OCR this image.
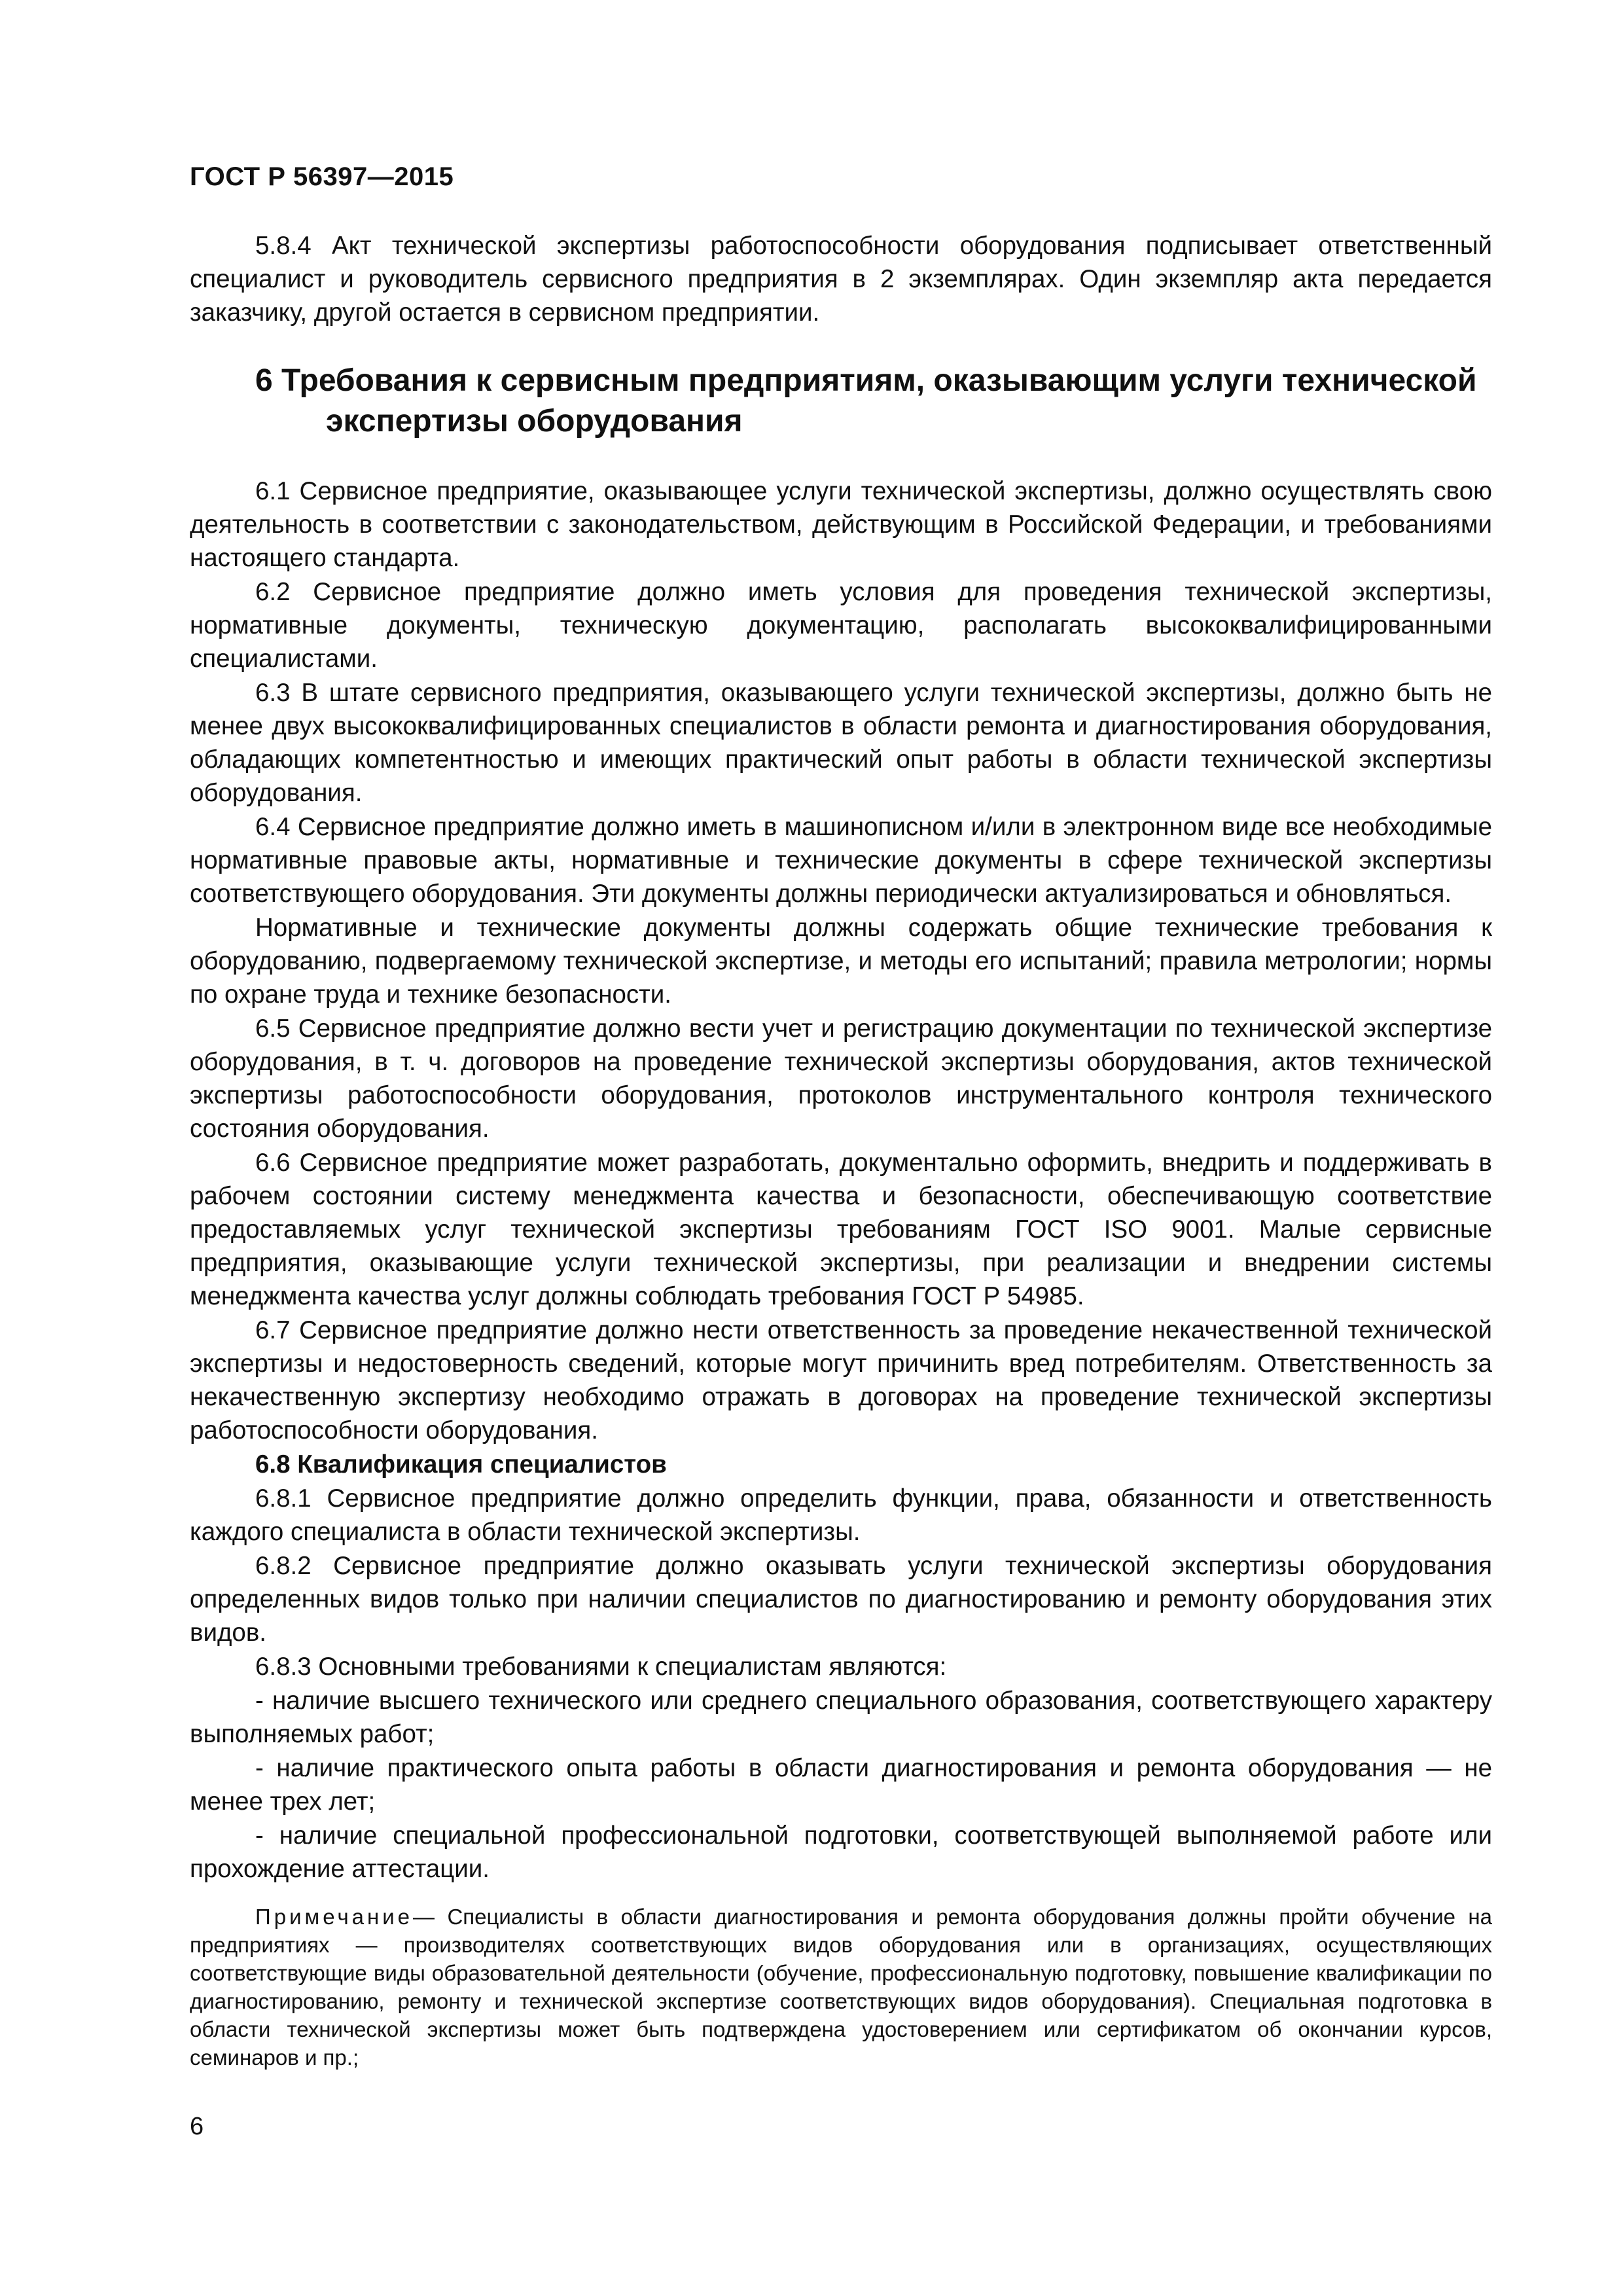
ГОСТ Р 56397—2015

5.8.4 Акт технической экспертизы работоспособности оборудования подписывает ответственный специалист и руководитель сервисного предприятия в 2 экземплярах. Один экземпляр акта передается заказчику, другой остается в сервисном предприятии.

6 Требования к сервисным предприятиям, оказывающим услуги технической экспертизы оборудования

6.1 Сервисное предприятие, оказывающее услуги технической экспертизы, должно осуществлять свою деятельность в соответствии с законодательством, действующим в Российской Федерации, и требованиями настоящего стандарта.

6.2 Сервисное предприятие должно иметь условия для проведения технической экспертизы, нормативные документы, техническую документацию, располагать высококвалифицированными специалистами.

6.3 В штате сервисного предприятия, оказывающего услуги технической экспертизы, должно быть не менее двух высококвалифицированных специалистов в области ремонта и диагностирования оборудования, обладающих компетентностью и имеющих практический опыт работы в области технической экспертизы оборудования.

6.4 Сервисное предприятие должно иметь в машинописном и/или в электронном виде все необходимые нормативные правовые акты, нормативные и технические документы в сфере технической экспертизы соответствующего оборудования. Эти документы должны периодически актуализироваться и обновляться.

Нормативные и технические документы должны содержать общие технические требования к оборудованию, подвергаемому технической экспертизе, и методы его испытаний; правила метрологии; нормы по охране труда и технике безопасности.

6.5 Сервисное предприятие должно вести учет и регистрацию документации по технической экспертизе оборудования, в т. ч. договоров на проведение технической экспертизы оборудования, актов технической экспертизы работоспособности оборудования, протоколов инструментального контроля технического состояния оборудования.

6.6 Сервисное предприятие может разработать, документально оформить, внедрить и поддерживать в рабочем состоянии систему менеджмента качества и безопасности, обеспечивающую соответствие предоставляемых услуг технической экспертизы требованиям ГОСТ ISO 9001. Малые сервисные предприятия, оказывающие услуги технической экспертизы, при реализации и внедрении системы менеджмента качества услуг должны соблюдать требования ГОСТ Р 54985.

6.7 Сервисное предприятие должно нести ответственность за проведение некачественной технической экспертизы и недостоверность сведений, которые могут причинить вред потребителям. Ответственность за некачественную экспертизу необходимо отражать в договорах на проведение технической экспертизы работоспособности оборудования.

6.8 Квалификация специалистов

6.8.1 Сервисное предприятие должно определить функции, права, обязанности и ответственность каждого специалиста в области технической экспертизы.

6.8.2 Сервисное предприятие должно оказывать услуги технической экспертизы оборудования определенных видов только при наличии специалистов по диагностированию и ремонту оборудования этих видов.

6.8.3 Основными требованиями к специалистам являются:

- наличие высшего технического или среднего специального образования, соответствующего характеру выполняемых работ;

- наличие практического опыта работы в области диагностирования и ремонта оборудования — не менее трех лет;

- наличие специальной профессиональной подготовки, соответствующей выполняемой работе или прохождение аттестации.

Примечание— Специалисты в области диагностирования и ремонта оборудования должны пройти обучение на предприятиях — производителях соответствующих видов оборудования или в организациях, осуществляющих соответствующие виды образовательной деятельности (обучение, профессиональную подготовку, повышение квалификации по диагностированию, ремонту и технической экспертизе соответствующих видов оборудования). Специальная подготовка в области технической экспертизы может быть подтверждена удостоверением или сертификатом об окончании курсов, семинаров и пр.;

6
